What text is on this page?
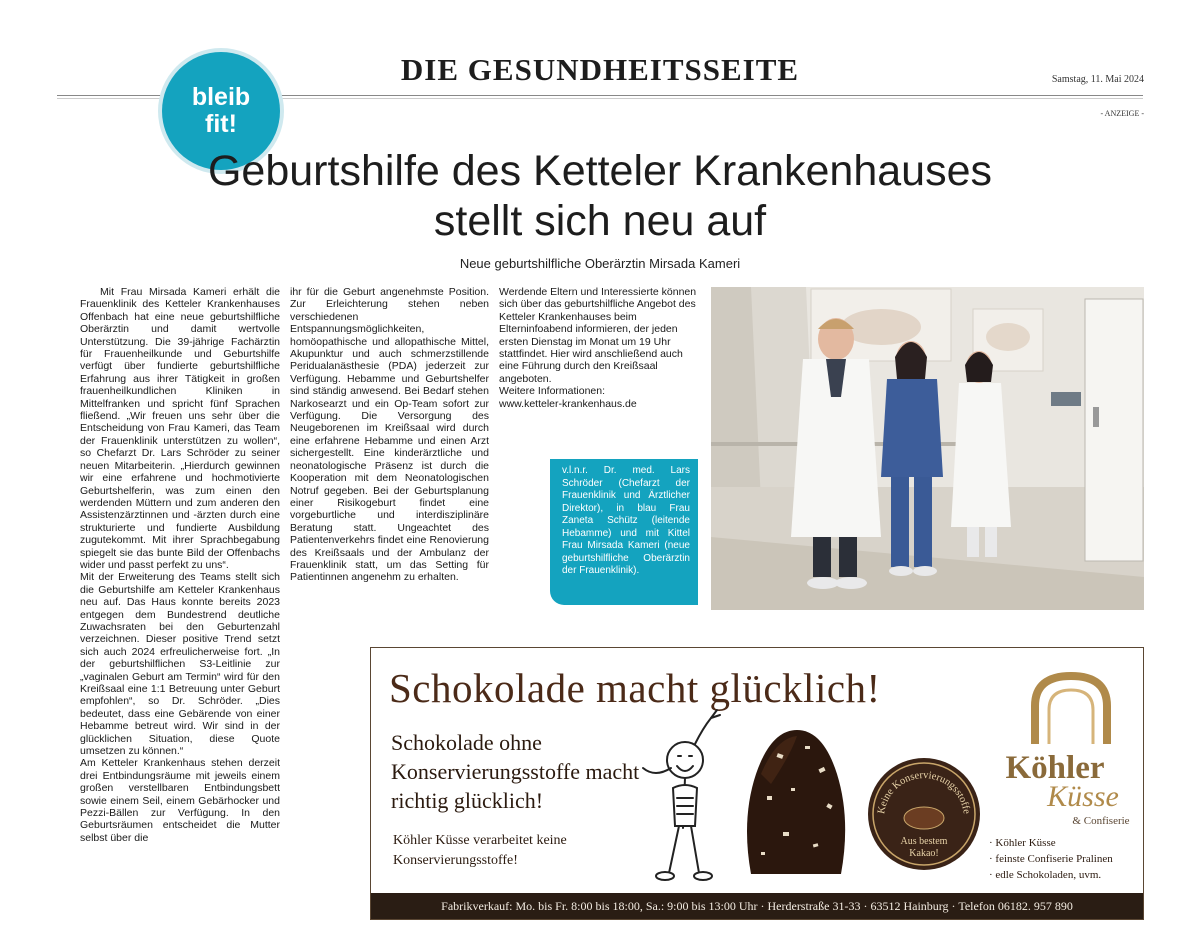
DIE GESUNDHEITSSEITE	Samstag, 11. Mai 2024
- ANZEIGE -
bleib
fit!
Geburtshilfe des Ketteler Krankenhauses
stellt sich neu auf
Neue geburtshilfliche Oberärztin Mirsada Kameri

Mit Frau Mirsada Kameri erhält die Frauenklinik des Ketteler Krankenhauses Offenbach hat eine neue geburtshilfliche Oberärztin und damit wertvolle Unterstützung. Die 39-jährige Fachärztin für Frauenheilkunde und Geburtshilfe verfügt über fundierte geburtshilfliche Erfahrung aus ihrer Tätigkeit in großen frauenheilkundlichen Kliniken in Mittelfranken und spricht fünf Sprachen fließend. „Wir freuen uns sehr über die Entscheidung von Frau Kameri, das Team der Frauenklinik unterstützen zu wollen“, so Chefarzt Dr. Lars Schröder zu seiner neuen Mitarbeiterin. „Hierdurch gewinnen wir eine erfahrene und hochmotivierte Geburtshelferin, was zum einen den werdenden Müttern und zum anderen den Assistenzärztinnen und -ärzten durch eine strukturierte und fundierte Ausbildung zugutekommt. Mit ihrer Sprachbegabung spiegelt sie das bunte Bild der Offenbachs wider und passt perfekt zu uns“.

Mit der Erweiterung des Teams stellt sich die Geburtshilfe am Ketteler Krankenhaus neu auf. Das Haus konnte bereits 2023 entgegen dem Bundestrend deutliche Zuwachsraten bei den Geburtenzahl verzeichnen. Dieser positive Trend setzt sich auch 2024 erfreulicherweise fort. „In der geburtshilflichen S3-Leitlinie zur „vaginalen Geburt am Termin“ wird für den Kreißsaal eine 1:1 Betreuung unter Geburt empfohlen“, so Dr. Schröder. „Dies bedeutet, dass eine Gebärende von einer Hebamme betreut wird. Wir sind in der glücklichen Situation, diese Quote umsetzen zu können.“

Am Ketteler Krankenhaus stehen derzeit drei Entbindungsräume mit jeweils einem großen verstellbaren Entbindungsbett sowie einem Seil, einem Gebärhocker und Pezzi-Bällen zur Verfügung. In den Geburtsräumen entscheidet die Mutter selbst über die

ihr für die Geburt angenehmste Position. Zur Erleichterung stehen neben verschiedenen Entspannungsmöglichkeiten, homöopathische und allopathische Mittel, Akupunktur und auch schmerzstillende Peridualanästhesie (PDA) jederzeit zur Verfügung. Hebamme und Geburtshelfer sind ständig anwesend. Bei Bedarf stehen Narkosearzt und ein Op-Team sofort zur Verfügung. Die Versorgung des Neugeborenen im Kreißsaal wird durch eine erfahrene Hebamme und einen Arzt sichergestellt. Eine kinderärztliche und neonatologische Präsenz ist durch die Kooperation mit dem Neonatologischen Notruf gegeben. Bei der Geburtsplanung einer Risikogeburt findet eine vorgeburtliche und interdisziplinäre Beratung statt. Ungeachtet des Patientenverkehrs findet eine Renovierung des Kreißsaals und der Ambulanz der Frauenklinik statt, um das Setting für Patientinnen angenehm zu erhalten.

Werdende Eltern und Interessierte können sich über das geburtshilfliche Angebot des Ketteler Krankenhauses beim Elterninfoabend informieren, der jeden ersten Dienstag im Monat um 19 Uhr stattfindet. Hier wird anschließend auch eine Führung durch den Kreißsaal angeboten.

Weitere Informationen:

www.ketteler-krankenhaus.de

v.l.n.r. Dr. med. Lars Schröder (Chefarzt der Frauenklinik und Ärztlicher Direktor), in blau Frau Zaneta Schütz (leitende Hebamme) und mit Kittel Frau Mirsada Kameri (neue geburtshilfliche Oberärztin der Frauenklinik).
Schokolade macht glücklich!
Schokolade ohne Konservierungsstoffe macht richtig glücklich!
Köhler Küsse verarbeitet keine Konservierungsstoffe!
Keine Konservierungsstoffe
Aus bestem
Kakao!
Köhler
Küsse
& Confiserie
· Köhler Küsse
· feinste Confiserie Pralinen
· edle Schokoladen, uvm.
Fabrikverkauf: Mo. bis Fr. 8:00 bis 18:00, Sa.: 9:00 bis 13:00 Uhr · Herderstraße 31-33 · 63512 Hainburg · Telefon 06182. 957 890
